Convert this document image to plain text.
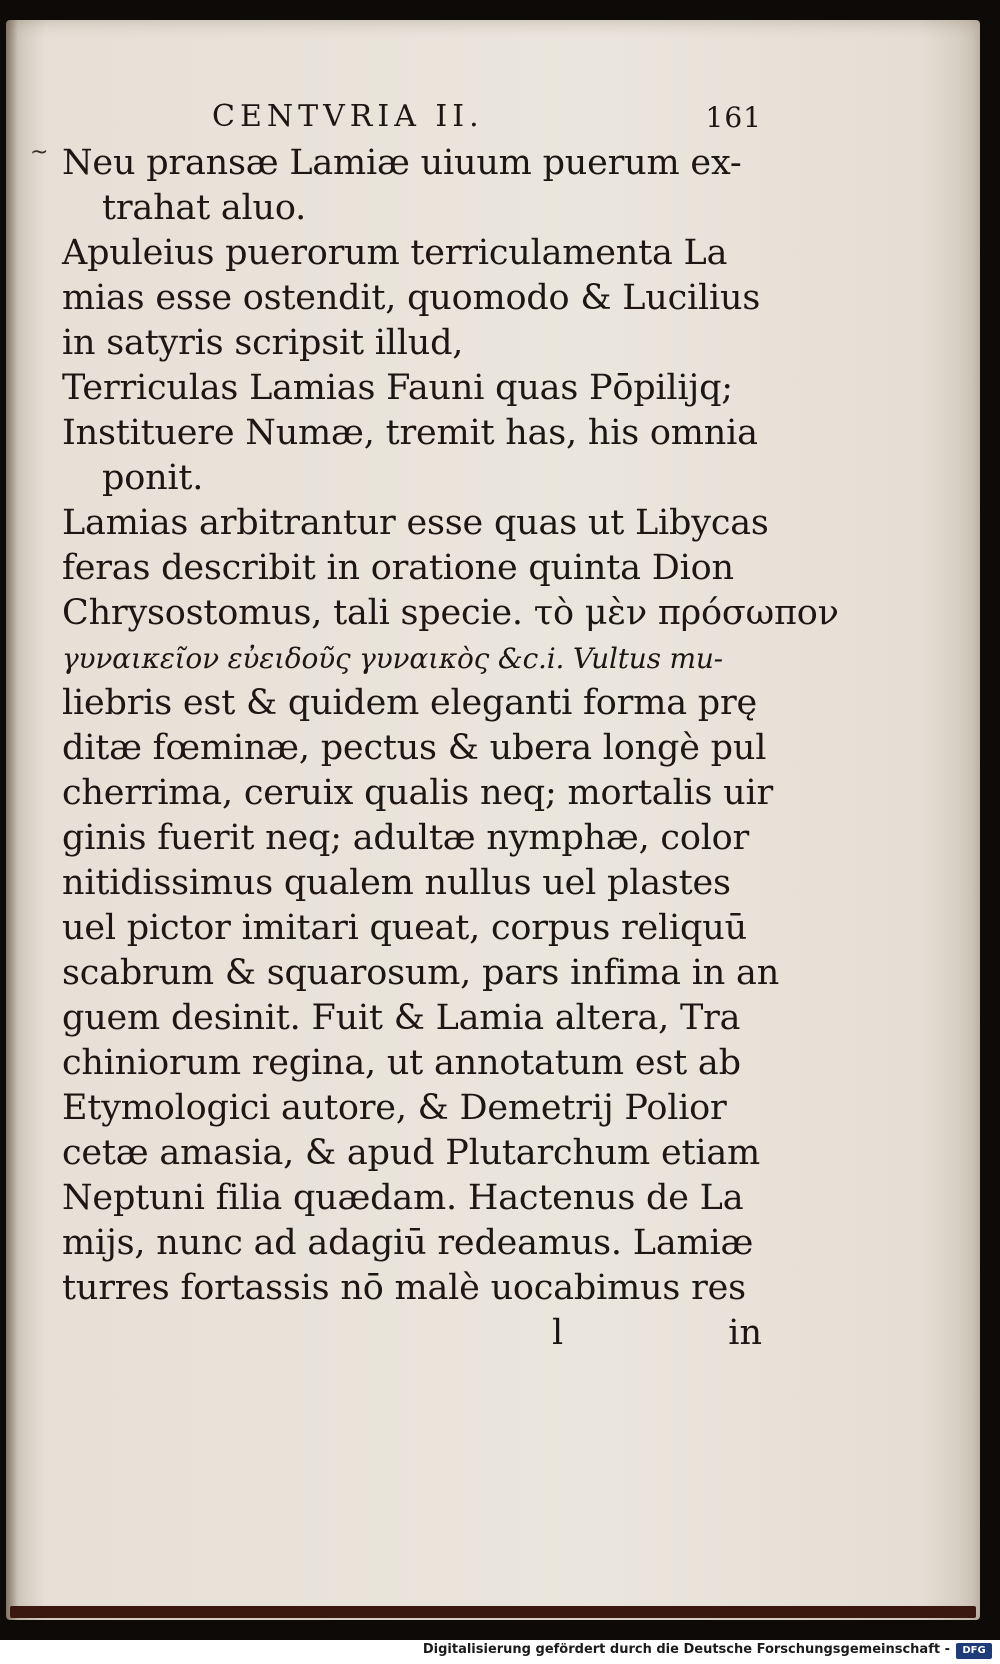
CENTVRIA II.	161
Neu pransæ Lamiæ uiuum puerum ex-
trahat aluo.
Apuleius puerorum terriculamenta La
mias esse ostendit, quomodo & Lucilius
in satyris scripsit illud,
Terriculas Lamias Fauni quas Pōpilijq;
Instituere Numæ, tremit has, his omnia
ponit.
Lamias arbitrantur esse quas ut Libycas
feras describit in oratione quinta Dion
Chrysostomus, tali specie. τὸ μὲν πρόσωπον
γυναικεῖον εὐειδοῦς γυναικὸς &c.i. Vultus mu-
liebris est & quidem eleganti forma prę
ditæ fœminæ, pectus & ubera longè pul
cherrima, ceruix qualis neq; mortalis uir
ginis fuerit neq; adultæ nymphæ, color
nitidissimus qualem nullus uel plastes
uel pictor imitari queat, corpus reliquū
scabrum & squarosum, pars infima in an
guem desinit. Fuit & Lamia altera, Tra
chiniorum regina, ut annotatum est ab
Etymologici autore, & Demetrij Polior
cetæ amasia, & apud Plutarchum etiam
Neptuni filia quædam. Hactenus de La
mijs, nunc ad adagiū redeamus. Lamiæ
turres fortassis nō malè uocabimus res
l	in
~
Digitalisierung gefördert durch die Deutsche Forschungsgemeinschaft -	DFG
